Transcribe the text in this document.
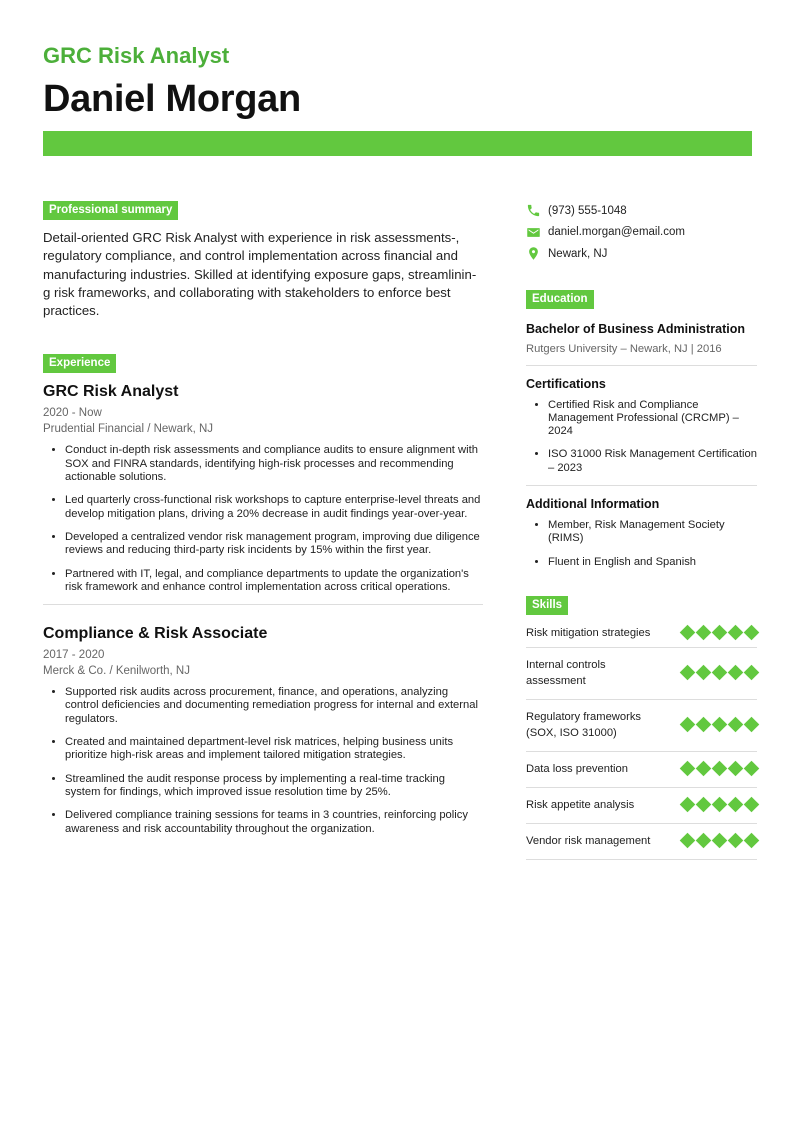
GRC Risk Analyst
Daniel Morgan
Professional summary
Detail-oriented GRC Risk Analyst with experience in risk assessments-, regulatory compliance, and control implementation across financial and manufacturing industries. Skilled at identifying exposure gaps, streamlinin-g risk frameworks, and collaborating with stakeholders to enforce best practices.
Experience
GRC Risk Analyst
2020 - Now
Prudential Financial / Newark, NJ
• Conduct in-depth risk assessments and compliance audits to ensure alignment with SOX and FINRA standards, identifying high-risk processes and recommending actionable solutions.
• Led quarterly cross-functional risk workshops to capture enterprise-level threats and develop mitigation plans, driving a 20% decrease in audit findings year-over-year.
• Developed a centralized vendor risk management program, improving due diligence reviews and reducing third-party risk incidents by 15% within the first year.
• Partnered with IT, legal, and compliance departments to update the organization's risk framework and enhance control implementation across critical operations.
Compliance & Risk Associate
2017 - 2020
Merck & Co. / Kenilworth, NJ
• Supported risk audits across procurement, finance, and operations, analyzing control deficiencies and documenting remediation progress for internal and external regulators.
• Created and maintained department-level risk matrices, helping business units prioritize high-risk areas and implement tailored mitigation strategies.
• Streamlined the audit response process by implementing a real-time tracking system for findings, which improved issue resolution time by 25%.
• Delivered compliance training sessions for teams in 3 countries, reinforcing policy awareness and risk accountability throughout the organization.
(973) 555-1048
daniel.morgan@email.com
Newark, NJ
Education
Bachelor of Business Administration
Rutgers University – Newark, NJ | 2016
Certifications
• Certified Risk and Compliance Management Professional (CRCMP) – 2024
• ISO 31000 Risk Management Certification – 2023
Additional Information
• Member, Risk Management Society (RIMS)
• Fluent in English and Spanish
Skills
Risk mitigation strategies
Internal controls assessment
Regulatory frameworks (SOX, ISO 31000)
Data loss prevention
Risk appetite analysis
Vendor risk management
